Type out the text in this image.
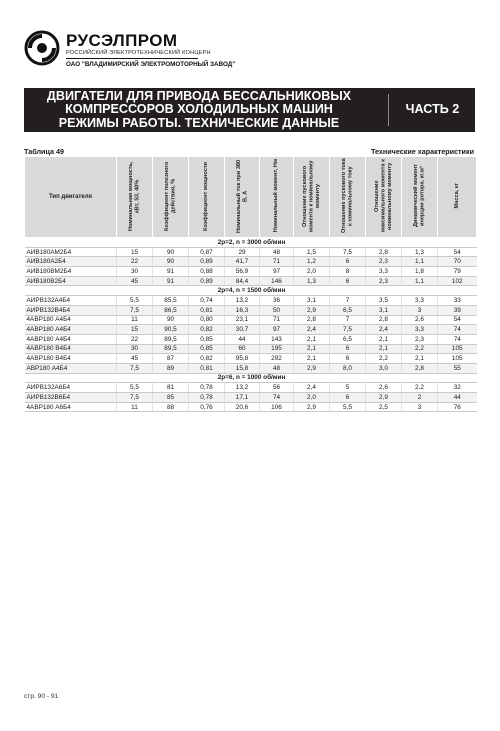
РУСЭЛПРОМ
РОССИЙСКИЙ ЭЛЕКТРОТЕХНИЧЕСКИЙ КОНЦЕРН
ОАО "ВЛАДИМИРСКИЙ ЭЛЕКТРОМОТОРНЫЙ ЗАВОД"
ДВИГАТЕЛИ ДЛЯ ПРИВОДА БЕССАЛЬНИКОВЫХ
КОМПРЕССОРОВ ХОЛОДИЛЬНЫХ МАШИН
РЕЖИМЫ РАБОТЫ. ТЕХНИЧЕСКИЕ ДАННЫЕ
ЧАСТЬ 2
Таблица 49	Технические характеристики
Тип двигателя	Номинальная мощность, кВт, S3, 40%	Коэффициент полезного действия, %	Коэффициент мощности	Номинальный ток при 380 В, А	Номинальный момент, Нм	Отношение пускового момента к номинальному моменту	Отношение пускового тока к номинальному току	Отношение максимального момента к номинальному моменту	Динамический момент инерции ротора, кг.м²	Масса, кг
2р=2, n = 3000 об/мин										
АИВ180АМ2Б4	15	90	0,87	29	48	1,5	7,5	2,8	1,3	54
АИВ180А2Б4	22	90	0,89	41,7	71	1,2	6	2,3	1,1	70
АИВ180ВМ2Б4	30	91	0,88	56,9	97	2,0	8	3,3	1,8	79
АИВ180В2Б4	45	91	0,89	84,4	146	1,3	6	2,3	1,1	102
2р=4, n = 1500 об/мин										
АИРВ132А4Б4	5,5	85,5	0,74	13,2	36	3,1	7	3,5	3,3	33
АИРВ132В4Б4	7,5	86,5	0,81	16,3	50	2,9	6,5	3,1	3	39
4АВР180 А4Б4	11	90	0,80	23,1	71	2,8	7	2,8	2,6	54
4АВР180 А4Б4	15	90,5	0,82	30,7	97	2,4	7,5	2,4	3,3	74
4АВР180 А4Б4	22	89,5	0,85	44	143	2,1	6,5	2,1	2,3	74
4АВР180 В4Б4	30	89,5	0,85	60	195	2,1	6	2,1	2,2	105
4АВР180 В4Б4	45	87	0,82	95,8	292	2,1	6	2,2	2,1	105
АВР180 А4Б4	7,5	89	0,81	15,8	48	2,9	8,0	3,0	2,8	55
2р=6, n = 1000 об/мин										
АИРВ132А6Б4	5,5	81	0,78	13,2	56	2,4	5	2,6	2,2	32
АИРВ132В6Б4	7,5	85	0,78	17,1	74	2,0	6	2,9	2	44
4АВР180 А6Б4	11	88	0,76	20,6	106	2,9	5,5	2,5	3	76
стр. 90 - 91
